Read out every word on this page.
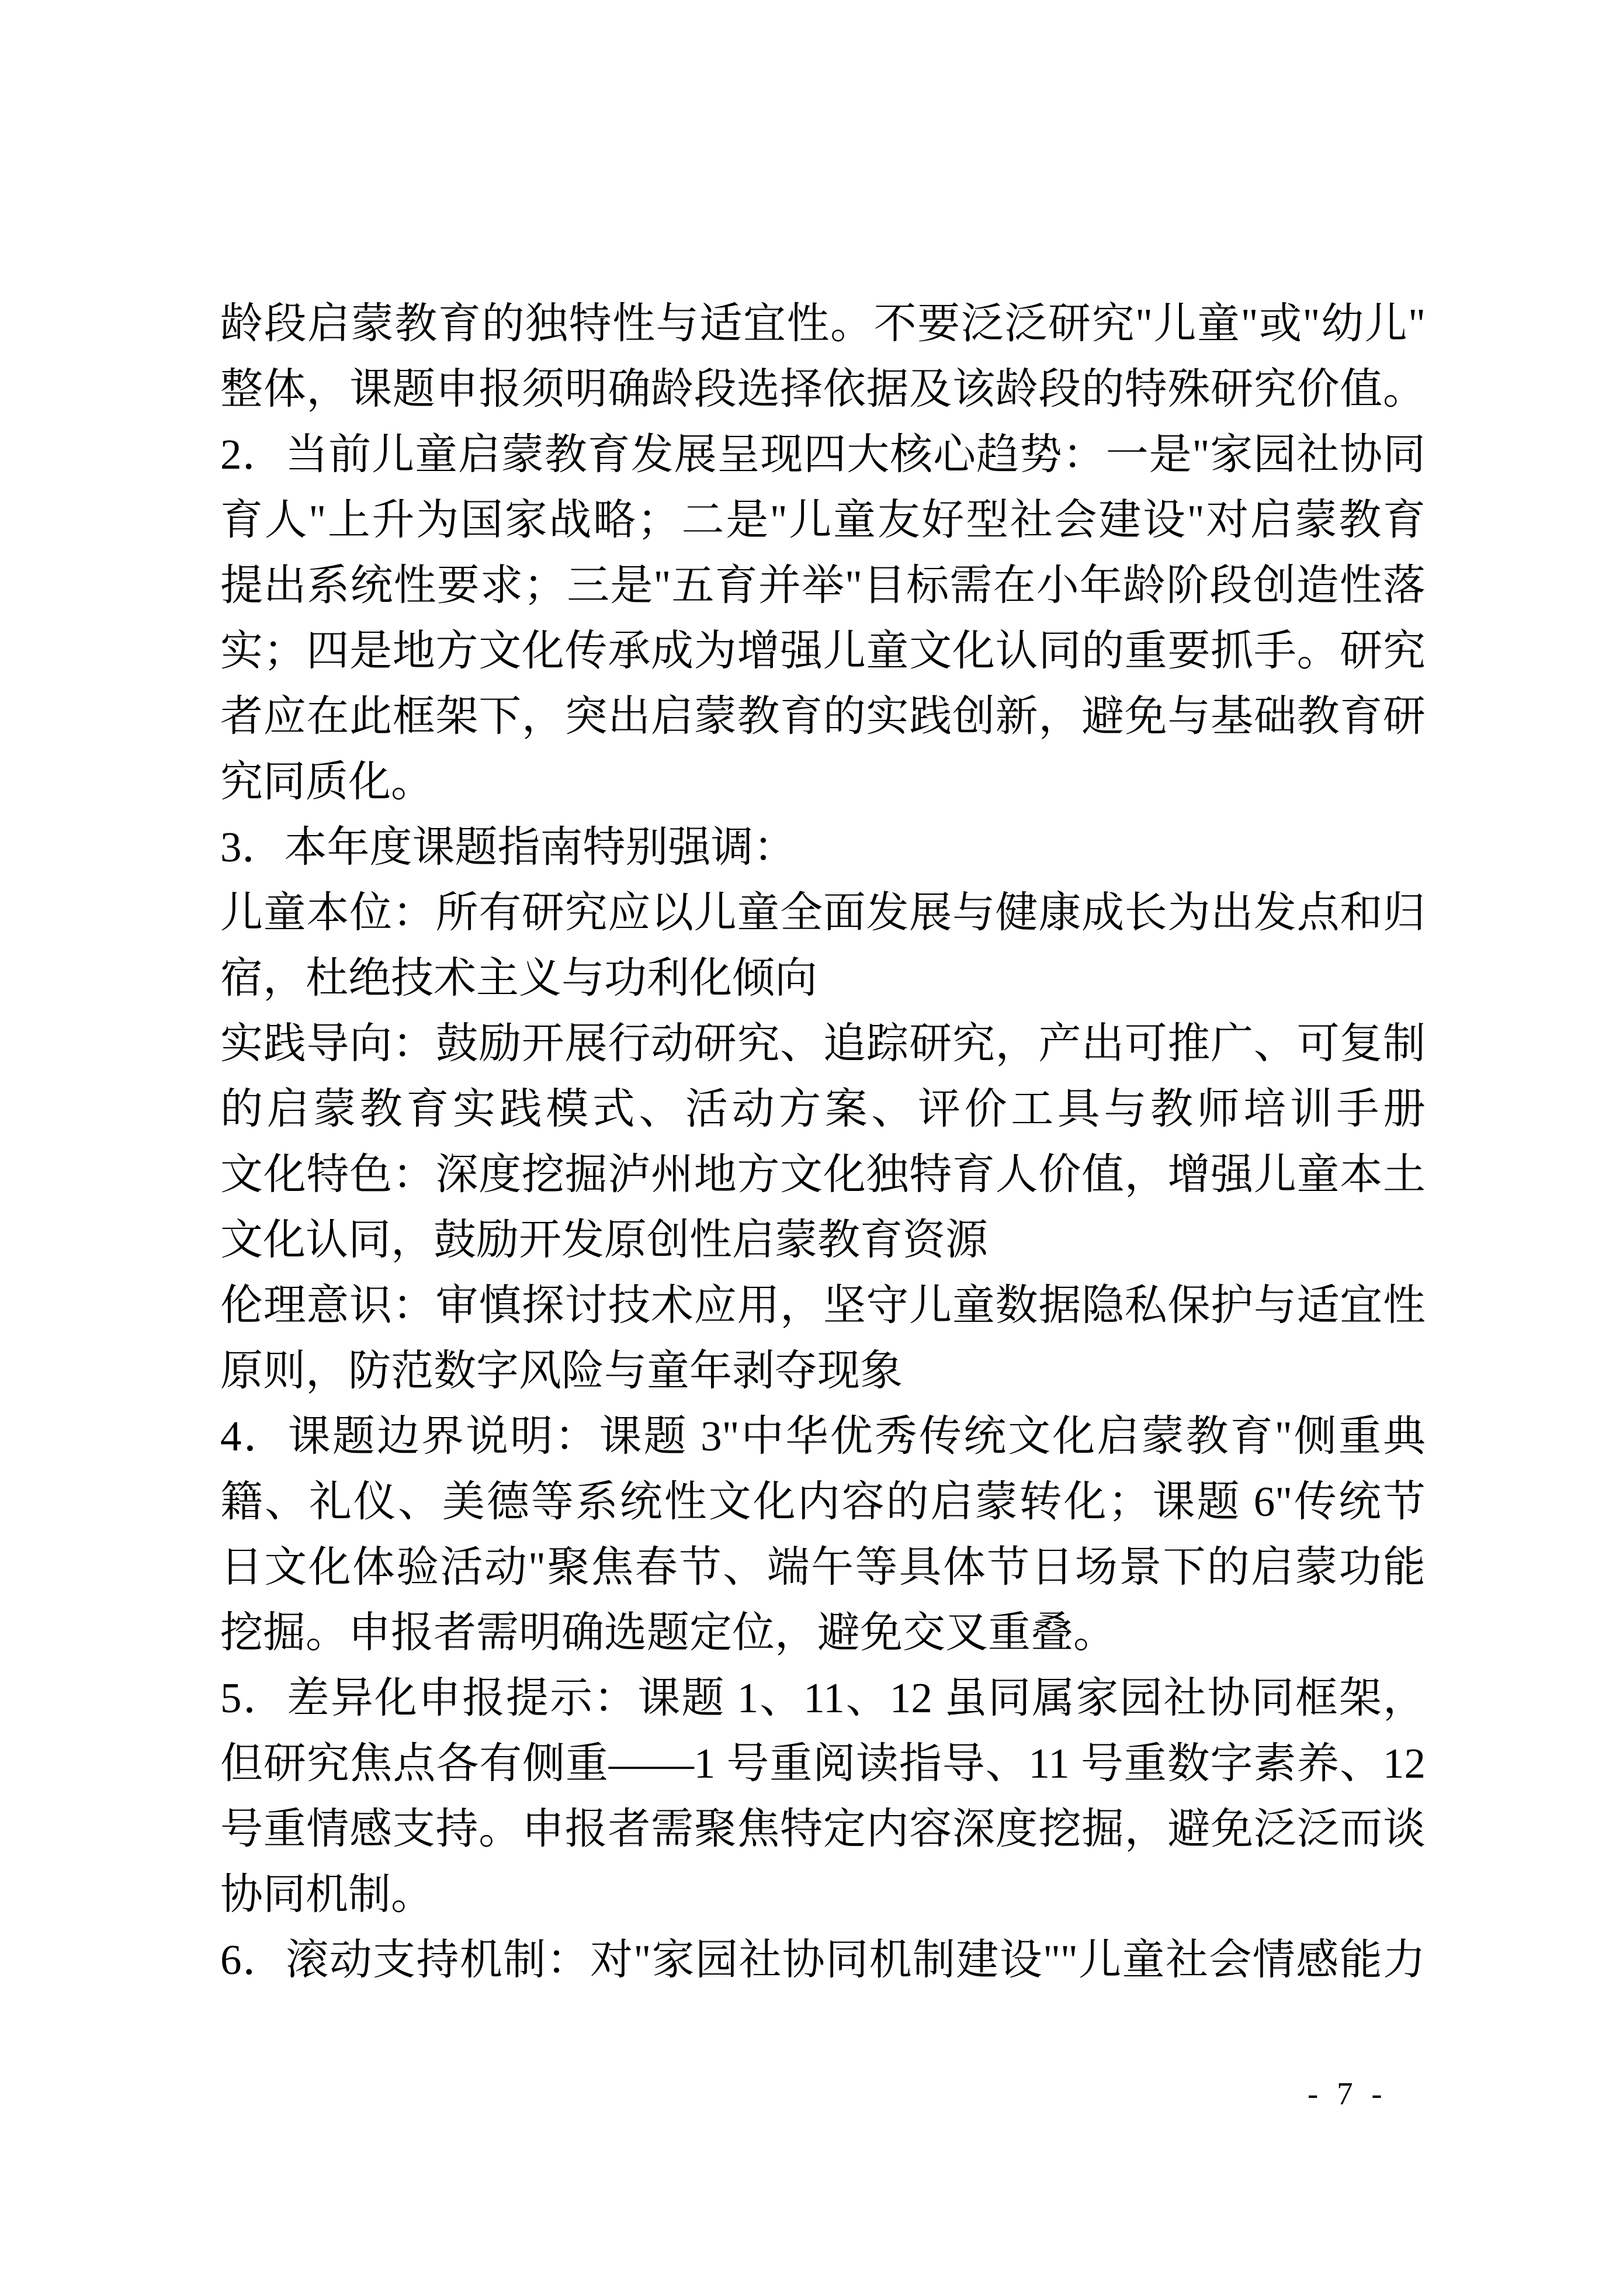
龄段启蒙教育的独特性与适宜性。不要泛泛研究"儿童"或"幼儿"
整体，课题申报须明确龄段选择依据及该龄段的特殊研究价值。
2．当前儿童启蒙教育发展呈现四大核心趋势：一是"家园社协同
育人"上升为国家战略；二是"儿童友好型社会建设"对启蒙教育
提出系统性要求；三是"五育并举"目标需在小年龄阶段创造性落
实；四是地方文化传承成为增强儿童文化认同的重要抓手。研究
者应在此框架下，突出启蒙教育的实践创新，避免与基础教育研
究同质化。
3．本年度课题指南特别强调：
儿童本位：所有研究应以儿童全面发展与健康成长为出发点和归
宿，杜绝技术主义与功利化倾向
实践导向：鼓励开展行动研究、追踪研究，产出可推广、可复制
的启蒙教育实践模式、活动方案、评价工具与教师培训手册
文化特色：深度挖掘泸州地方文化独特育人价值，增强儿童本土
文化认同，鼓励开发原创性启蒙教育资源
伦理意识：审慎探讨技术应用，坚守儿童数据隐私保护与适宜性
原则，防范数字风险与童年剥夺现象
4．课题边界说明：课题 3"中华优秀传统文化启蒙教育"侧重典
籍、礼仪、美德等系统性文化内容的启蒙转化；课题 6"传统节
日文化体验活动"聚焦春节、端午等具体节日场景下的启蒙功能
挖掘。申报者需明确选题定位，避免交叉重叠。
5．差异化申报提示：课题 1、11、12 虽同属家园社协同框架，
但研究焦点各有侧重——1 号重阅读指导、11 号重数字素养、12
号重情感支持。申报者需聚焦特定内容深度挖掘，避免泛泛而谈
协同机制。
6．滚动支持机制：对"家园社协同机制建设""儿童社会情感能力
- 7 -
